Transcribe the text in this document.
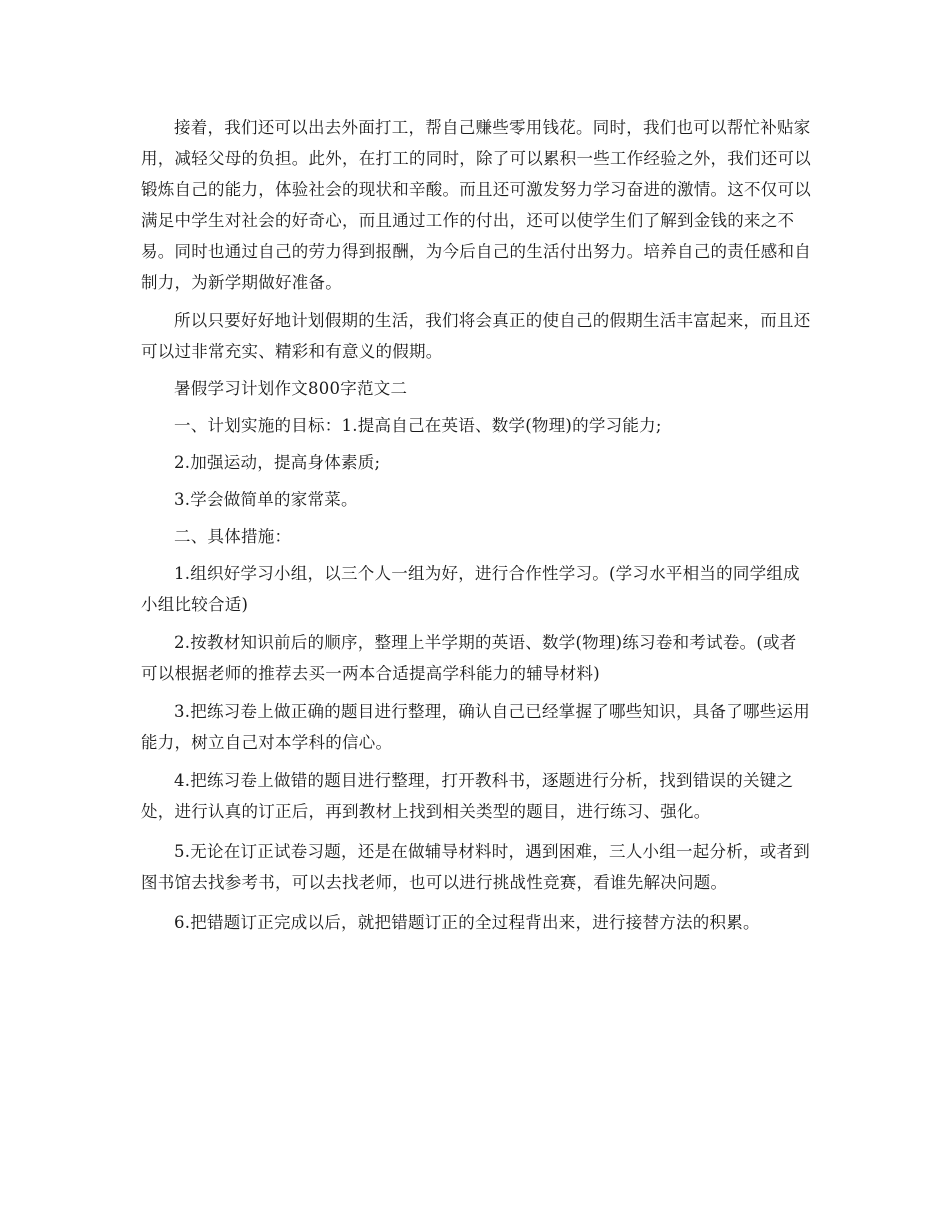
接着，我们还可以出去外面打工，帮自己赚些零用钱花。同时，我们也可以帮忙补贴家用，减轻父母的负担。此外，在打工的同时，除了可以累积一些工作经验之外，我们还可以锻炼自己的能力，体验社会的现状和辛酸。而且还可激发努力学习奋进的激情。这不仅可以满足中学生对社会的好奇心，而且通过工作的付出，还可以使学生们了解到金钱的来之不易。同时也通过自己的劳力得到报酬，为今后自己的生活付出努力。培养自己的责任感和自制力，为新学期做好准备。

所以只要好好地计划假期的生活，我们将会真正的使自己的假期生活丰富起来，而且还可以过非常充实、精彩和有意义的假期。

暑假学习计划作文800字范文二

一、计划实施的目标：1.提高自己在英语、数学(物理)的学习能力;

2.加强运动，提高身体素质;

3.学会做简单的家常菜。

二、具体措施：

1.组织好学习小组，以三个人一组为好，进行合作性学习。(学习水平相当的同学组成小组比较合适)

2.按教材知识前后的顺序，整理上半学期的英语、数学(物理)练习卷和考试卷。(或者可以根据老师的推荐去买一两本合适提高学科能力的辅导材料)

3.把练习卷上做正确的题目进行整理，确认自己已经掌握了哪些知识，具备了哪些运用能力，树立自己对本学科的信心。

4.把练习卷上做错的题目进行整理，打开教科书，逐题进行分析，找到错误的关键之处，进行认真的订正后，再到教材上找到相关类型的题目，进行练习、强化。

5.无论在订正试卷习题，还是在做辅导材料时，遇到困难，三人小组一起分析，或者到图书馆去找参考书，可以去找老师，也可以进行挑战性竞赛，看谁先解决问题。

6.把错题订正完成以后，就把错题订正的全过程背出来，进行接替方法的积累。
